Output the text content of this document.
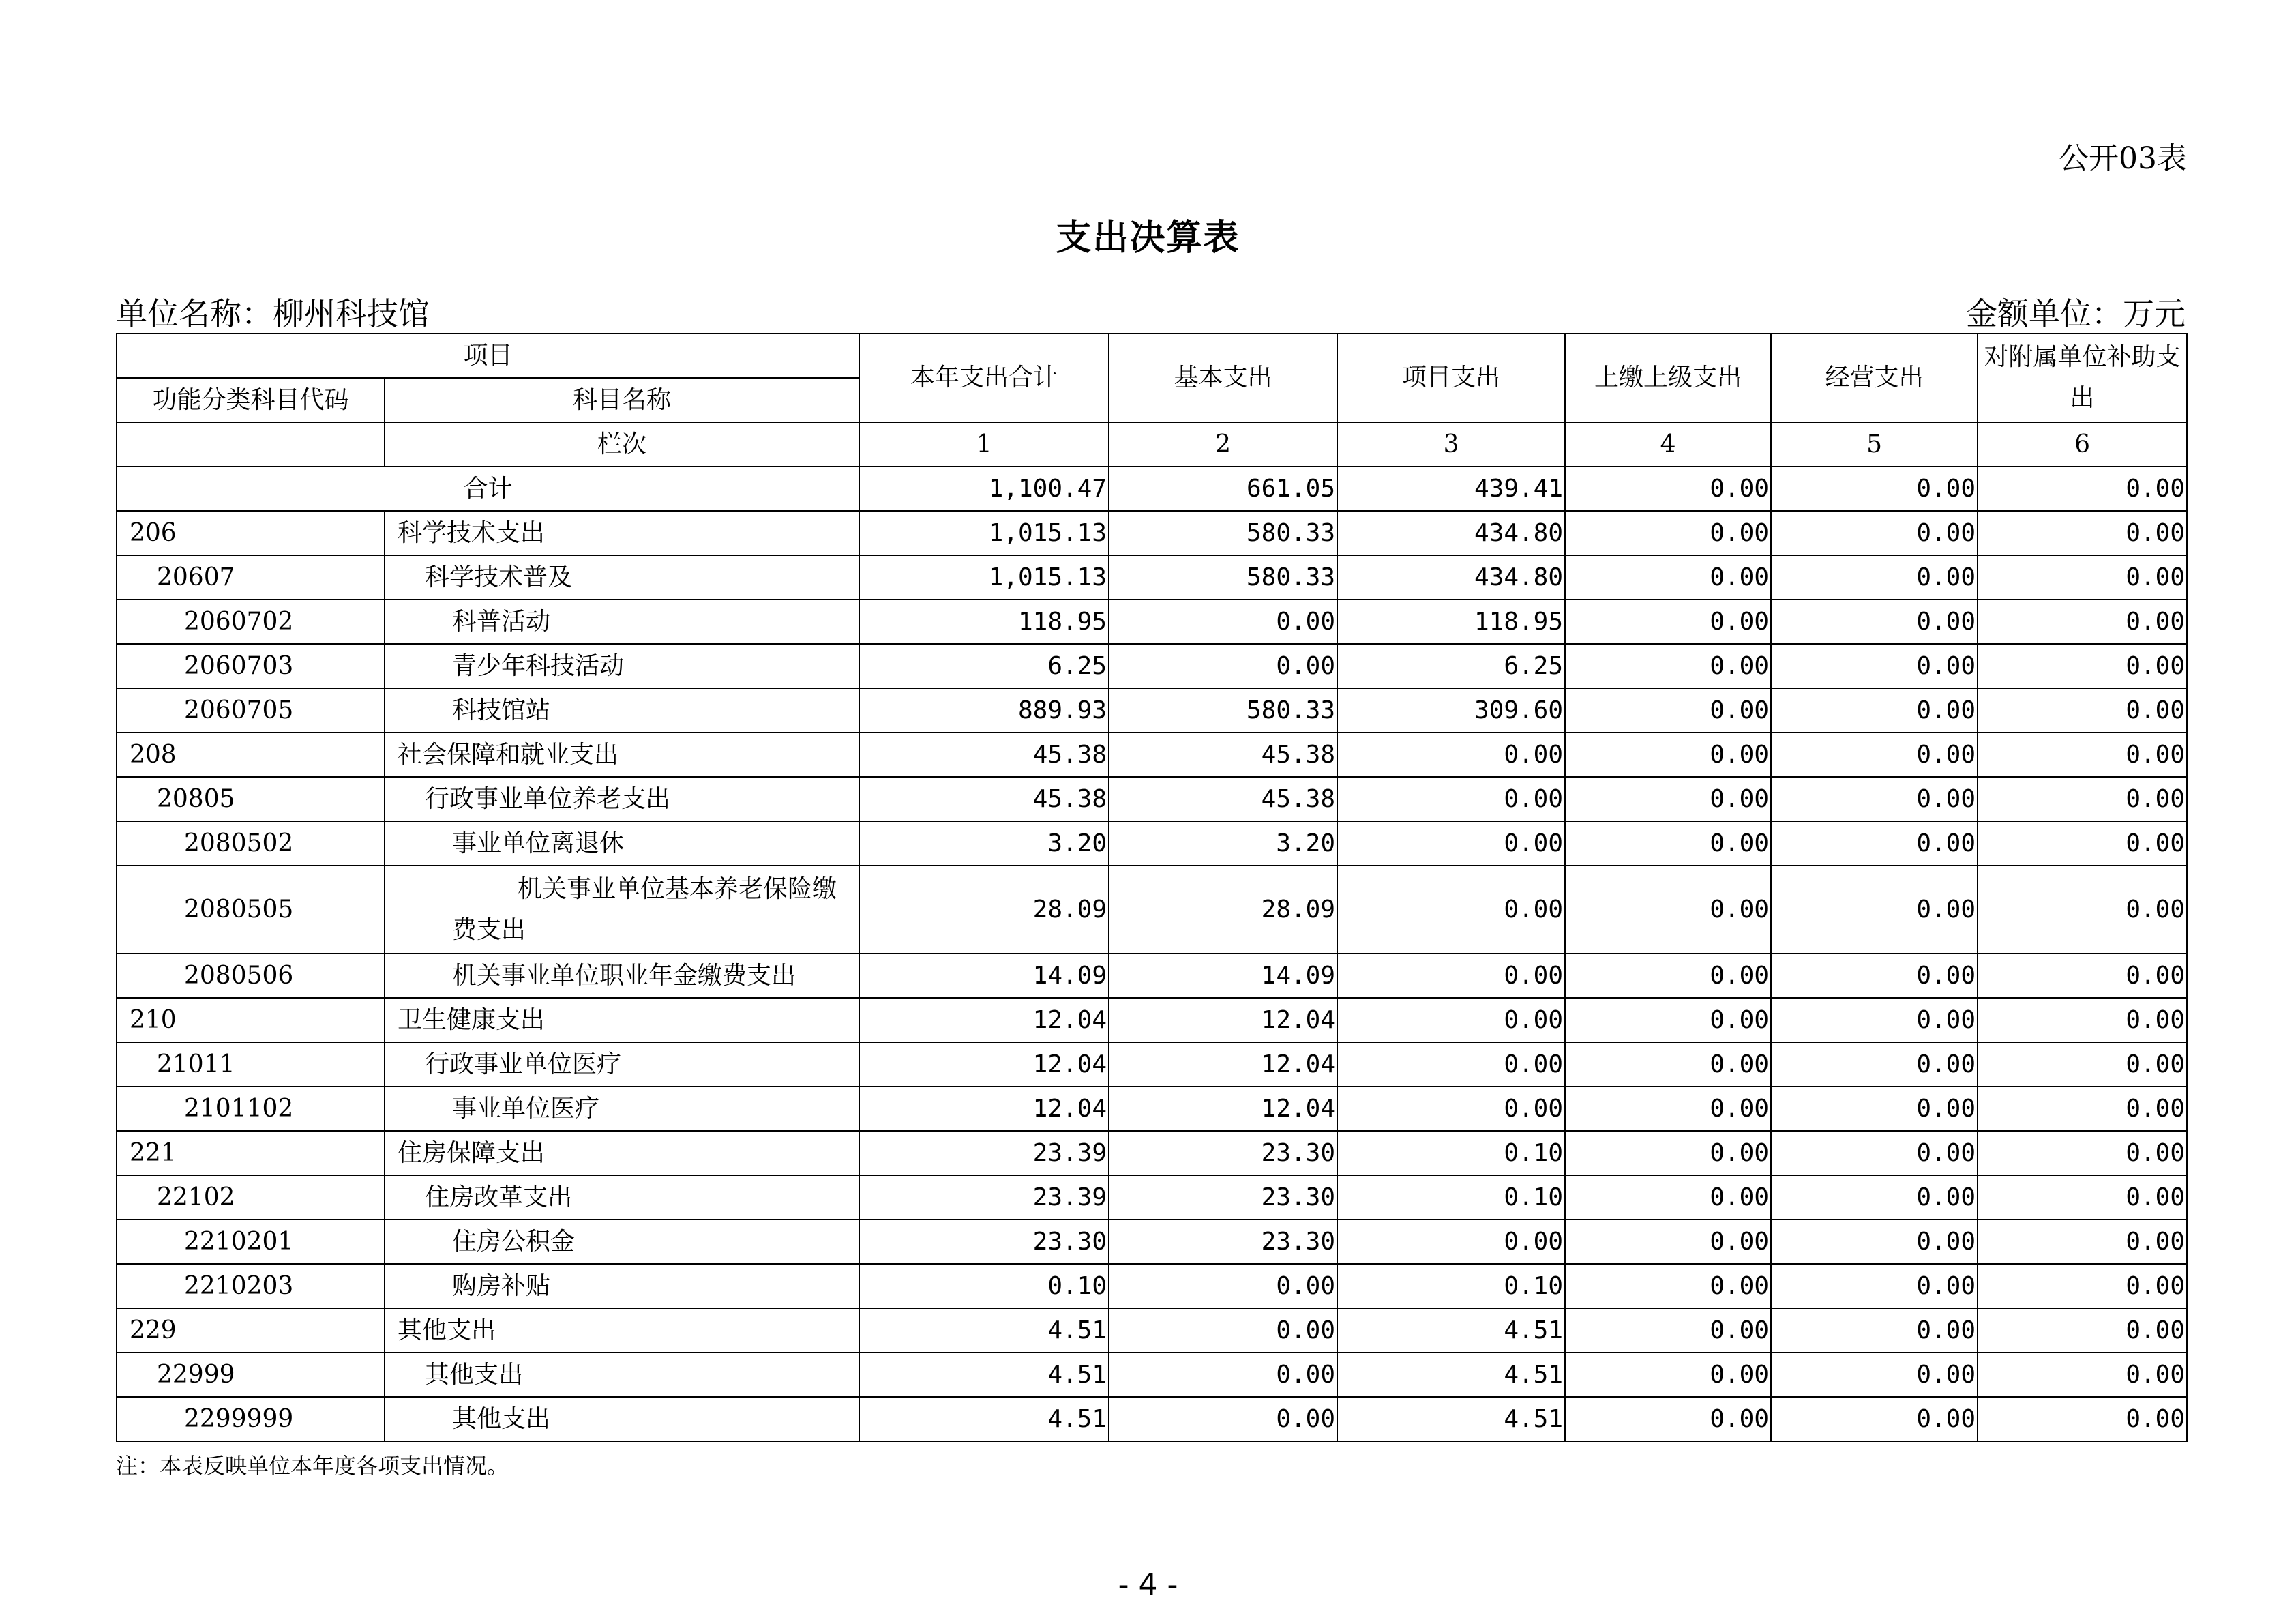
公开03表
支出决算表
单位名称：柳州科技馆	金额单位：万元
项目		本年支出合计	基本支出	项目支出	上缴上级支出	经营支出	对附属单位补助支出
功能分类科目代码	科目名称						
	栏次	1	2	3	4	5	6
合计		1,100.47	661.05	439.41	0.00	0.00	0.00
206	科学技术支出	1,015.13	580.33	434.80	0.00	0.00	0.00
20607	科学技术普及	1,015.13	580.33	434.80	0.00	0.00	0.00
2060702	科普活动	118.95	0.00	118.95	0.00	0.00	0.00
2060703	青少年科技活动	6.25	0.00	6.25	0.00	0.00	0.00
2060705	科技馆站	889.93	580.33	309.60	0.00	0.00	0.00
208	社会保障和就业支出	45.38	45.38	0.00	0.00	0.00	0.00
20805	行政事业单位养老支出	45.38	45.38	0.00	0.00	0.00	0.00
2080502	事业单位离退休	3.20	3.20	0.00	0.00	0.00	0.00
2080505	机关事业单位基本养老保险缴费支出	28.09	28.09	0.00	0.00	0.00	0.00
2080506	机关事业单位职业年金缴费支出	14.09	14.09	0.00	0.00	0.00	0.00
210	卫生健康支出	12.04	12.04	0.00	0.00	0.00	0.00
21011	行政事业单位医疗	12.04	12.04	0.00	0.00	0.00	0.00
2101102	事业单位医疗	12.04	12.04	0.00	0.00	0.00	0.00
221	住房保障支出	23.39	23.30	0.10	0.00	0.00	0.00
22102	住房改革支出	23.39	23.30	0.10	0.00	0.00	0.00
2210201	住房公积金	23.30	23.30	0.00	0.00	0.00	0.00
2210203	购房补贴	0.10	0.00	0.10	0.00	0.00	0.00
229	其他支出	4.51	0.00	4.51	0.00	0.00	0.00
22999	其他支出	4.51	0.00	4.51	0.00	0.00	0.00
2299999	其他支出	4.51	0.00	4.51	0.00	0.00	0.00
注：本表反映单位本年度各项支出情况。
- 4 -
